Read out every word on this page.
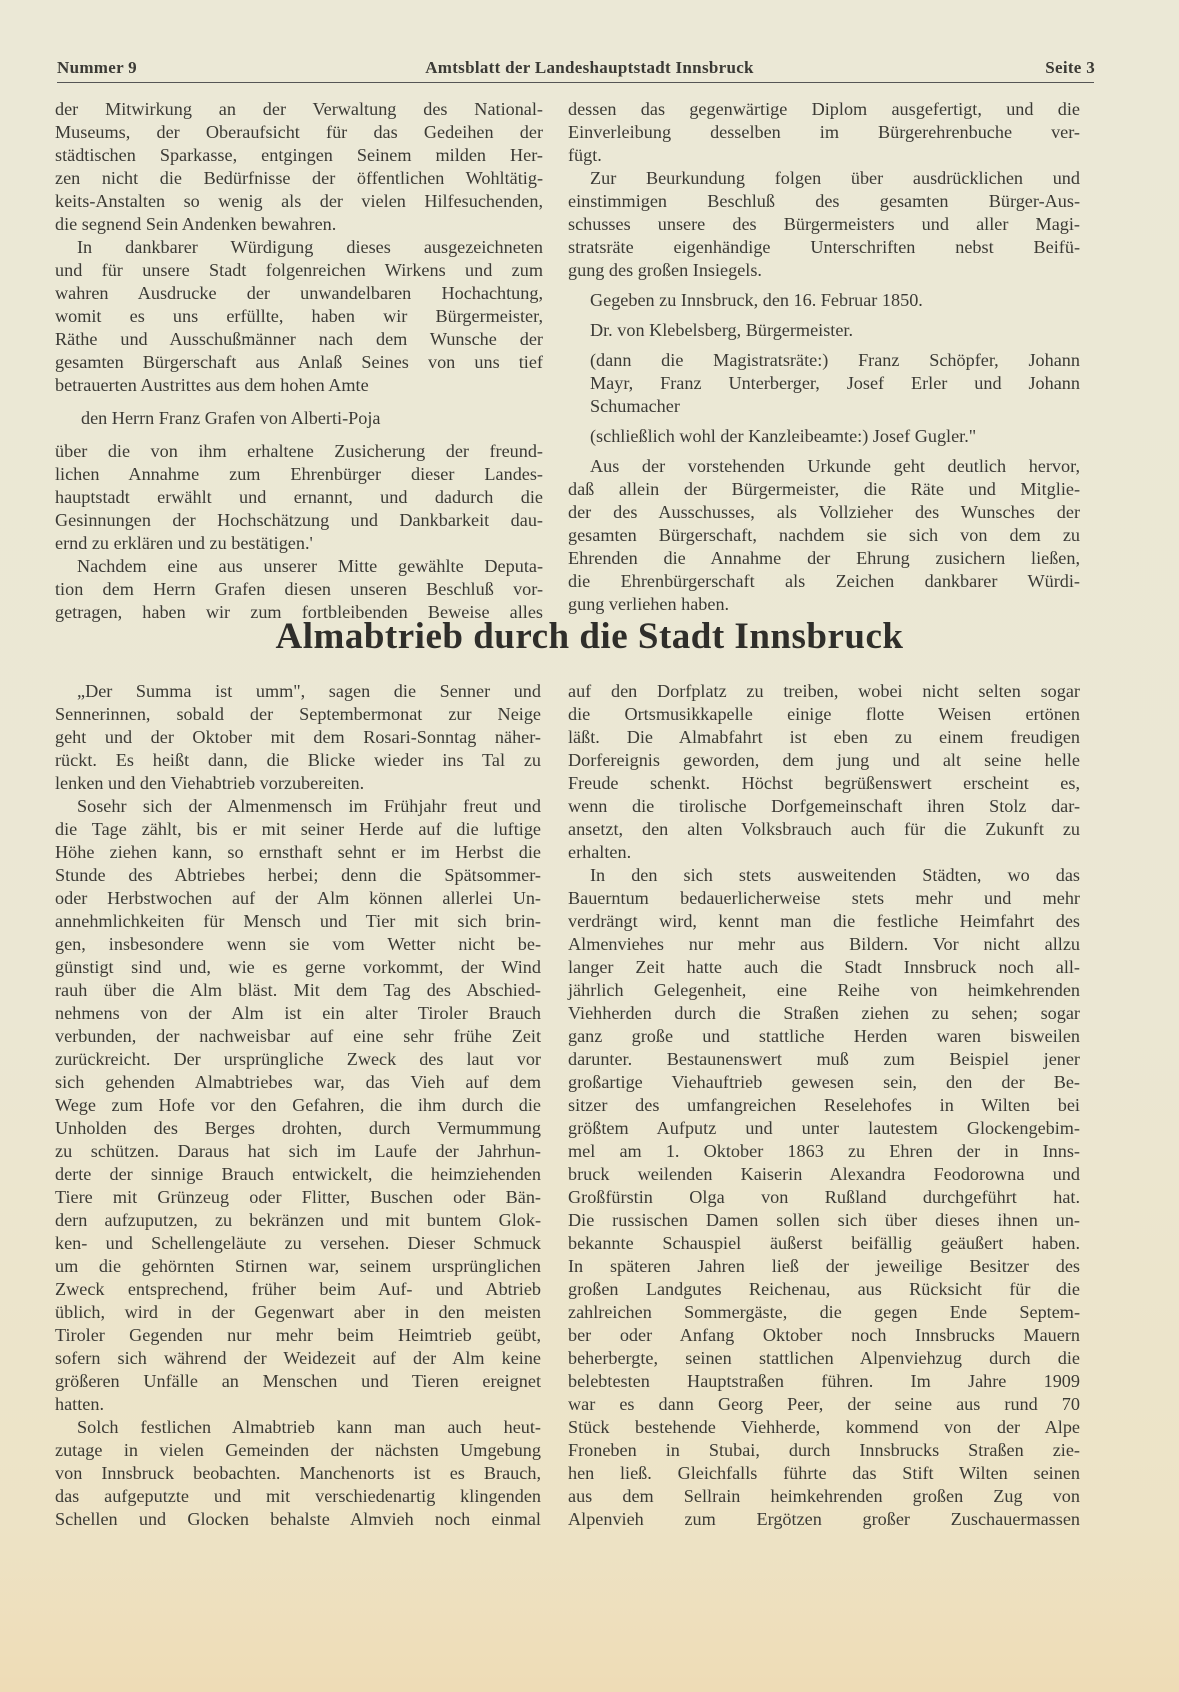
Nummer 9	Amtsblatt der Landeshauptstadt Innsbruck	Seite 3
der Mitwirkung an der Verwaltung des National-
Museums, der Oberaufsicht für das Gedeihen der
städtischen Sparkasse, entgingen Seinem milden Her-
zen nicht die Bedürfnisse der öffentlichen Wohltätig-
keits-Anstalten so wenig als der vielen Hilfesuchenden,
die segnend Sein Andenken bewahren.
In dankbarer Würdigung dieses ausgezeichneten
und für unsere Stadt folgenreichen Wirkens und zum
wahren Ausdrucke der unwandelbaren Hochachtung,
womit es uns erfüllte, haben wir Bürgermeister,
Räthe und Ausschußmänner nach dem Wunsche der
gesamten Bürgerschaft aus Anlaß Seines von uns tief
betrauerten Austrittes aus dem hohen Amte
den Herrn Franz Grafen von Alberti-Poja
über die von ihm erhaltene Zusicherung der freund-
lichen Annahme zum Ehrenbürger dieser Landes-
hauptstadt erwählt und ernannt, und dadurch die
Gesinnungen der Hochschätzung und Dankbarkeit dau-
ernd zu erklären und zu bestätigen.'
Nachdem eine aus unserer Mitte gewählte Deputa-
tion dem Herrn Grafen diesen unseren Beschluß vor-
getragen, haben wir zum fortbleibenden Beweise alles
dessen das gegenwärtige Diplom ausgefertigt, und die
Einverleibung desselben im Bürgerehrenbuche ver-
fügt.
Zur Beurkundung folgen über ausdrücklichen und
einstimmigen Beschluß des gesamten Bürger-Aus-
schusses unsere des Bürgermeisters und aller Magi-
stratsräte eigenhändige Unterschriften nebst Beifü-
gung des großen Insiegels.
Gegeben zu Innsbruck, den 16. Februar 1850.
Dr. von Klebelsberg, Bürgermeister.
(dann die Magistratsräte:) Franz Schöpfer, Johann
Mayr, Franz Unterberger, Josef Erler und Johann
Schumacher
(schließlich wohl der Kanzleibeamte:) Josef Gugler."
Aus der vorstehenden Urkunde geht deutlich hervor,
daß allein der Bürgermeister, die Räte und Mitglie-
der des Ausschusses, als Vollzieher des Wunsches der
gesamten Bürgerschaft, nachdem sie sich von dem zu
Ehrenden die Annahme der Ehrung zusichern ließen,
die Ehrenbürgerschaft als Zeichen dankbarer Würdi-
gung verliehen haben.
Almabtrieb durch die Stadt Innsbruck
„Der Summa ist umm", sagen die Senner und
Sennerinnen, sobald der Septembermonat zur Neige
geht und der Oktober mit dem Rosari-Sonntag näher-
rückt. Es heißt dann, die Blicke wieder ins Tal zu
lenken und den Viehabtrieb vorzubereiten.
Sosehr sich der Almenmensch im Frühjahr freut und
die Tage zählt, bis er mit seiner Herde auf die luftige
Höhe ziehen kann, so ernsthaft sehnt er im Herbst die
Stunde des Abtriebes herbei; denn die Spätsommer-
oder Herbstwochen auf der Alm können allerlei Un-
annehmlichkeiten für Mensch und Tier mit sich brin-
gen, insbesondere wenn sie vom Wetter nicht be-
günstigt sind und, wie es gerne vorkommt, der Wind
rauh über die Alm bläst. Mit dem Tag des Abschied-
nehmens von der Alm ist ein alter Tiroler Brauch
verbunden, der nachweisbar auf eine sehr frühe Zeit
zurückreicht. Der ursprüngliche Zweck des laut vor
sich gehenden Almabtriebes war, das Vieh auf dem
Wege zum Hofe vor den Gefahren, die ihm durch die
Unholden des Berges drohten, durch Vermummung
zu schützen. Daraus hat sich im Laufe der Jahrhun-
derte der sinnige Brauch entwickelt, die heimziehenden
Tiere mit Grünzeug oder Flitter, Buschen oder Bän-
dern aufzuputzen, zu bekränzen und mit buntem Glok-
ken- und Schellengeläute zu versehen. Dieser Schmuck
um die gehörnten Stirnen war, seinem ursprünglichen
Zweck entsprechend, früher beim Auf- und Abtrieb
üblich, wird in der Gegenwart aber in den meisten
Tiroler Gegenden nur mehr beim Heimtrieb geübt,
sofern sich während der Weidezeit auf der Alm keine
größeren Unfälle an Menschen und Tieren ereignet
hatten.
Solch festlichen Almabtrieb kann man auch heut-
zutage in vielen Gemeinden der nächsten Umgebung
von Innsbruck beobachten. Manchenorts ist es Brauch,
das aufgeputzte und mit verschiedenartig klingenden
Schellen und Glocken behalste Almvieh noch einmal
auf den Dorfplatz zu treiben, wobei nicht selten sogar
die Ortsmusikkapelle einige flotte Weisen ertönen
läßt. Die Almabfahrt ist eben zu einem freudigen
Dorfereignis geworden, dem jung und alt seine helle
Freude schenkt. Höchst begrüßenswert erscheint es,
wenn die tirolische Dorfgemeinschaft ihren Stolz dar-
ansetzt, den alten Volksbrauch auch für die Zukunft zu
erhalten.
In den sich stets ausweitenden Städten, wo das
Bauerntum bedauerlicherweise stets mehr und mehr
verdrängt wird, kennt man die festliche Heimfahrt des
Almenviehes nur mehr aus Bildern. Vor nicht allzu
langer Zeit hatte auch die Stadt Innsbruck noch all-
jährlich Gelegenheit, eine Reihe von heimkehrenden
Viehherden durch die Straßen ziehen zu sehen; sogar
ganz große und stattliche Herden waren bisweilen
darunter. Bestaunenswert muß zum Beispiel jener
großartige Viehauftrieb gewesen sein, den der Be-
sitzer des umfangreichen Reselehofes in Wilten bei
größtem Aufputz und unter lautestem Glockengebim-
mel am 1. Oktober 1863 zu Ehren der in Inns-
bruck weilenden Kaiserin Alexandra Feodorowna und
Großfürstin Olga von Rußland durchgeführt hat.
Die russischen Damen sollen sich über dieses ihnen un-
bekannte Schauspiel äußerst beifällig geäußert haben.
In späteren Jahren ließ der jeweilige Besitzer des
großen Landgutes Reichenau, aus Rücksicht für die
zahlreichen Sommergäste, die gegen Ende Septem-
ber oder Anfang Oktober noch Innsbrucks Mauern
beherbergte, seinen stattlichen Alpenviehzug durch die
belebtesten Hauptstraßen führen. Im Jahre 1909
war es dann Georg Peer, der seine aus rund 70
Stück bestehende Viehherde, kommend von der Alpe
Froneben in Stubai, durch Innsbrucks Straßen zie-
hen ließ. Gleichfalls führte das Stift Wilten seinen
aus dem Sellrain heimkehrenden großen Zug von
Alpenvieh zum Ergötzen großer Zuschauermassen
